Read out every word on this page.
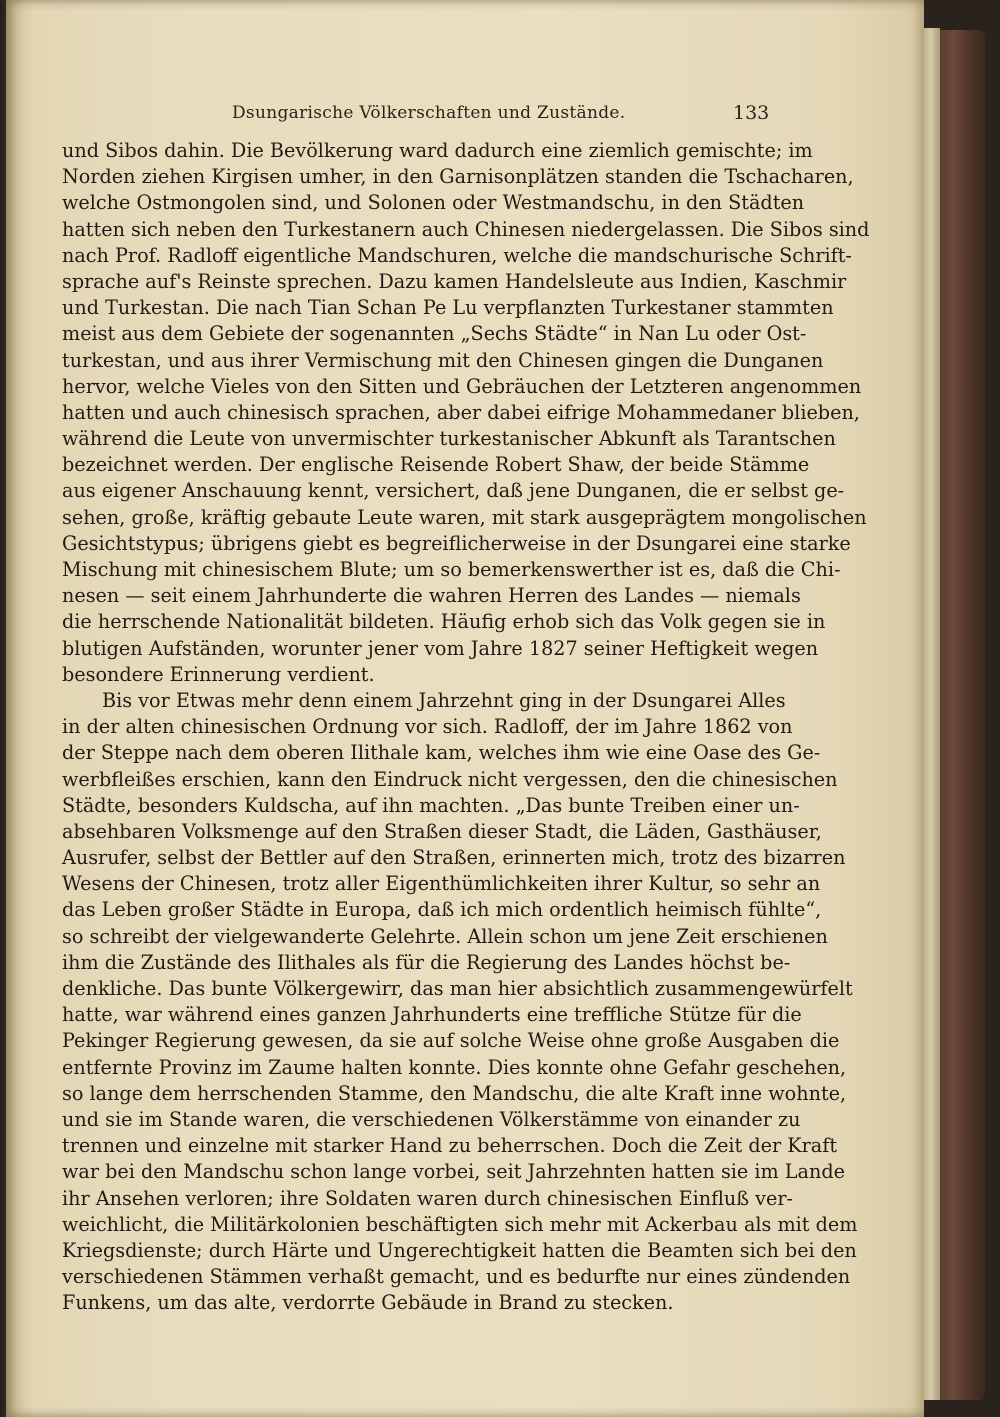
Dsungarische Völkerschaften und Zustände.	133
und Sibos dahin. Die Bevölkerung ward dadurch eine ziemlich gemischte; im
Norden ziehen Kirgisen umher, in den Garnisonplätzen standen die Tschacharen,
welche Ostmongolen sind, und Solonen oder Westmandschu, in den Städten
hatten sich neben den Turkestanern auch Chinesen niedergelassen. Die Sibos sind
nach Prof. Radloff eigentliche Mandschuren, welche die mandschurische Schrift-
sprache auf's Reinste sprechen. Dazu kamen Handelsleute aus Indien, Kaschmir
und Turkestan. Die nach Tian Schan Pe Lu verpflanzten Turkestaner stammten
meist aus dem Gebiete der sogenannten „Sechs Städte“ in Nan Lu oder Ost-
turkestan, und aus ihrer Vermischung mit den Chinesen gingen die Dunganen
hervor, welche Vieles von den Sitten und Gebräuchen der Letzteren angenommen
hatten und auch chinesisch sprachen, aber dabei eifrige Mohammedaner blieben,
während die Leute von unvermischter turkestanischer Abkunft als Tarantschen
bezeichnet werden. Der englische Reisende Robert Shaw, der beide Stämme
aus eigener Anschauung kennt, versichert, daß jene Dunganen, die er selbst ge-
sehen, große, kräftig gebaute Leute waren, mit stark ausgeprägtem mongolischen
Gesichtstypus; übrigens giebt es begreiflicherweise in der Dsungarei eine starke
Mischung mit chinesischem Blute; um so bemerkenswerther ist es, daß die Chi-
nesen — seit einem Jahrhunderte die wahren Herren des Landes — niemals
die herrschende Nationalität bildeten. Häufig erhob sich das Volk gegen sie in
blutigen Aufständen, worunter jener vom Jahre 1827 seiner Heftigkeit wegen
besondere Erinnerung verdient.
Bis vor Etwas mehr denn einem Jahrzehnt ging in der Dsungarei Alles
in der alten chinesischen Ordnung vor sich. Radloff, der im Jahre 1862 von
der Steppe nach dem oberen Ilithale kam, welches ihm wie eine Oase des Ge-
werbfleißes erschien, kann den Eindruck nicht vergessen, den die chinesischen
Städte, besonders Kuldscha, auf ihn machten. „Das bunte Treiben einer un-
absehbaren Volksmenge auf den Straßen dieser Stadt, die Läden, Gasthäuser,
Ausrufer, selbst der Bettler auf den Straßen, erinnerten mich, trotz des bizarren
Wesens der Chinesen, trotz aller Eigenthümlichkeiten ihrer Kultur, so sehr an
das Leben großer Städte in Europa, daß ich mich ordentlich heimisch fühlte“,
so schreibt der vielgewanderte Gelehrte. Allein schon um jene Zeit erschienen
ihm die Zustände des Ilithales als für die Regierung des Landes höchst be-
denkliche. Das bunte Völkergewirr, das man hier absichtlich zusammengewürfelt
hatte, war während eines ganzen Jahrhunderts eine treffliche Stütze für die
Pekinger Regierung gewesen, da sie auf solche Weise ohne große Ausgaben die
entfernte Provinz im Zaume halten konnte. Dies konnte ohne Gefahr geschehen,
so lange dem herrschenden Stamme, den Mandschu, die alte Kraft inne wohnte,
und sie im Stande waren, die verschiedenen Völkerstämme von einander zu
trennen und einzelne mit starker Hand zu beherrschen. Doch die Zeit der Kraft
war bei den Mandschu schon lange vorbei, seit Jahrzehnten hatten sie im Lande
ihr Ansehen verloren; ihre Soldaten waren durch chinesischen Einfluß ver-
weichlicht, die Militärkolonien beschäftigten sich mehr mit Ackerbau als mit dem
Kriegsdienste; durch Härte und Ungerechtigkeit hatten die Beamten sich bei den
verschiedenen Stämmen verhaßt gemacht, und es bedurfte nur eines zündenden
Funkens, um das alte, verdorrte Gebäude in Brand zu stecken.
